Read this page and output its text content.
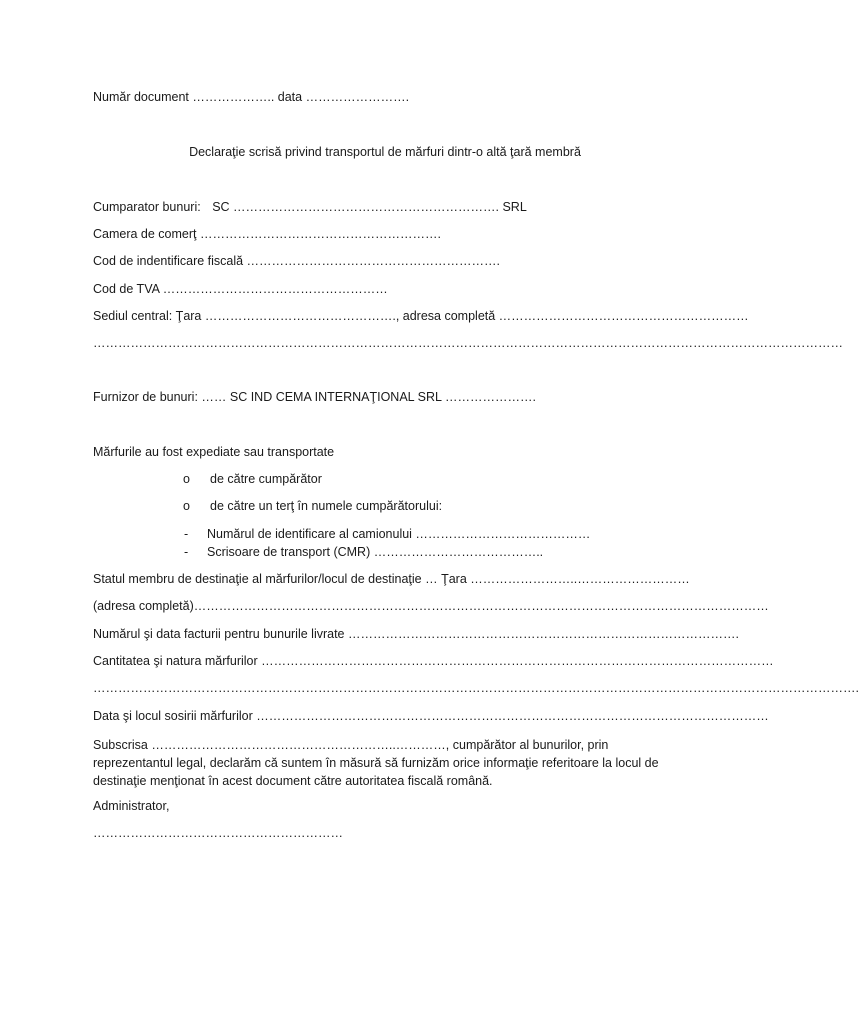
Număr document ……………….. data …………………….
Declaraţie scrisă privind transportul de mărfuri dintr-o altă ţară membră
Cumparator bunuri: SC ………………………………………………………. SRL
Camera de comerţ ………………………………………………….
Cod de indentificare fiscală …………………………………………………….
Cod de TVA ………………………………………………
Sediul central: Ţara ………………………………………., adresa completă ……………………………………………………
………………………………………………………………………………………………………………………………………………………………
Furnizor de bunuri: …… SC IND CEMA INTERNAŢIONAL SRL ………………….
Mărfurile au fost expediate sau transportate
o de către cumpărător
o de către un terţ în numele cumpărătorului:
- Numărul de identificare al camionului ……………………………………
- Scrisoare de transport (CMR) …………………………………..
Statul membru de destinaţie al mărfurilor/locul de destinaţie … Ţara ……………………..………………………
(adresa completă)…………………………………………………………………………………………………………………………
Numărul şi data facturii pentru bunurile livrate ………………………………………………………………………………….
Cantitatea şi natura mărfurilor ……………………………………………………………………………………………………………
………………………………………………………………………………………………………………………………………………………………….
Data şi locul sosirii mărfurilor ……………………………………………………………………………………………………………
Subscrisa …………………………………………………..…………, cumpărător al bunurilor, prin reprezentantul legal, declarăm că suntem în măsură să furnizăm orice informaţie referitoare la locul de destinaţie menţionat în acest document către autoritatea fiscală română.
Administrator,
……………………………………………………
